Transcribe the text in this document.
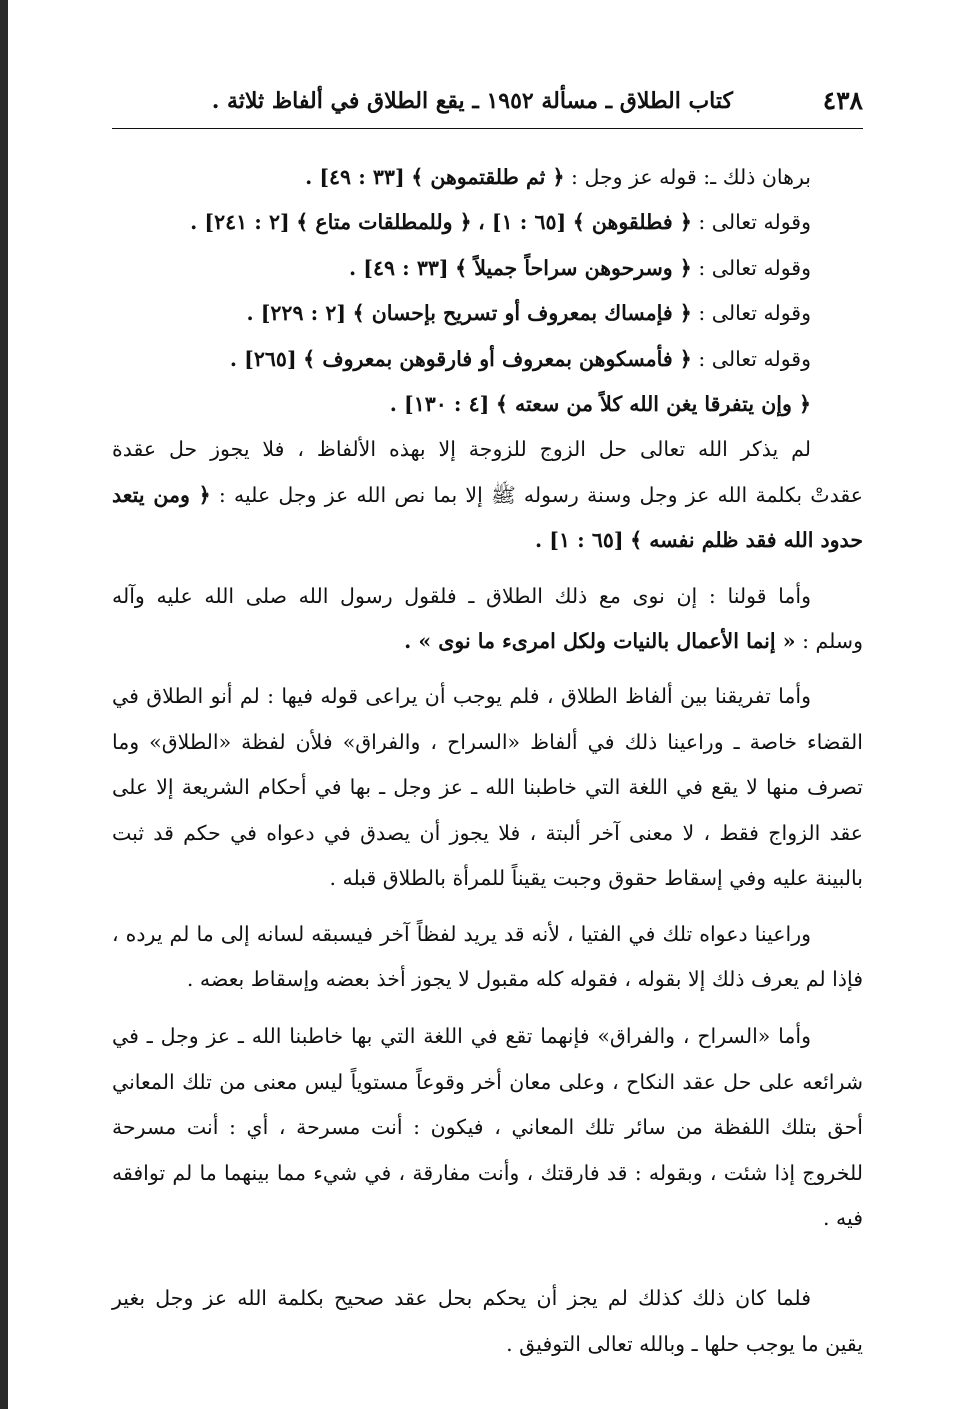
٤٣٨
كتاب الطلاق ـ مسألة ١٩٥٢ ـ يقع الطلاق في ألفاظ ثلاثة .
برهان ذلك ـ: قوله عز وجل : ﴿ ثم طلقتموهن ﴾ [٣٣ : ٤٩] .
وقوله تعالى : ﴿ فطلقوهن ﴾ [٦٥ : ١] ، ﴿ وللمطلقات متاع ﴾ [٢ : ٢٤١] .
وقوله تعالى : ﴿ وسرحوهن سراحاً جميلاً ﴾ [٣٣ : ٤٩] .
وقوله تعالى : ﴿ فإمساك بمعروف أو تسريح بإحسان ﴾ [٢ : ٢٢٩] .
وقوله تعالى : ﴿ فأمسكوهن بمعروف أو فارقوهن بمعروف ﴾ [٢٦٥] .
﴿ وإن يتفرقا يغن الله كلاً من سعته ﴾ [٤ : ١٣٠] .
لم يذكر الله تعالى حل الزوج للزوجة إلا بهذه الألفاظ ، فلا يجوز حل عقدة
عقدتْ بكلمة الله عز وجل وسنة رسوله ﷺ إلا بما نص الله عز وجل عليه : ﴿ ومن يتعد
حدود الله فقد ظلم نفسه ﴾ [٦٥ : ١] .
وأما قولنا : إن نوى مع ذلك الطلاق ـ فلقول رسول الله صلى الله عليه وآله
وسلم : « إنما الأعمال بالنيات ولكل امرىء ما نوى » .
وأما تفريقنا بين ألفاظ الطلاق ، فلم يوجب أن يراعى قوله فيها : لم أنو الطلاق في
القضاء خاصة ـ وراعينا ذلك في ألفاظ «السراح ، والفراق» فلأن لفظة «الطلاق» وما
تصرف منها لا يقع في اللغة التي خاطبنا الله ـ عز وجل ـ بها في أحكام الشريعة إلا على
عقد الزواج فقط ، لا معنى آخر ألبتة ، فلا يجوز أن يصدق في دعواه في حكم قد ثبت
بالبينة عليه وفي إسقاط حقوق وجبت يقيناً للمرأة بالطلاق قبله .
وراعينا دعواه تلك في الفتيا ، لأنه قد يريد لفظاً آخر فيسبقه لسانه إلى ما لم يرده ،
فإذا لم يعرف ذلك إلا بقوله ، فقوله كله مقبول لا يجوز أخذ بعضه وإسقاط بعضه .
وأما «السراح ، والفراق» فإنهما تقع في اللغة التي بها خاطبنا الله ـ عز وجل ـ في
شرائعه على حل عقد النكاح ، وعلى معان أخر وقوعاً مستوياً ليس معنى من تلك المعاني
أحق بتلك اللفظة من سائر تلك المعاني ، فيكون : أنت مسرحة ، أي : أنت مسرحة
للخروج إذا شئت ، وبقوله : قد فارقتك ، وأنت مفارقة ، في شيء مما بينهما ما لم توافقه
فيه .
فلما كان ذلك كذلك لم يجز أن يحكم بحل عقد صحيح بكلمة الله عز وجل بغير
يقين ما يوجب حلها ـ وبالله تعالى التوفيق .
